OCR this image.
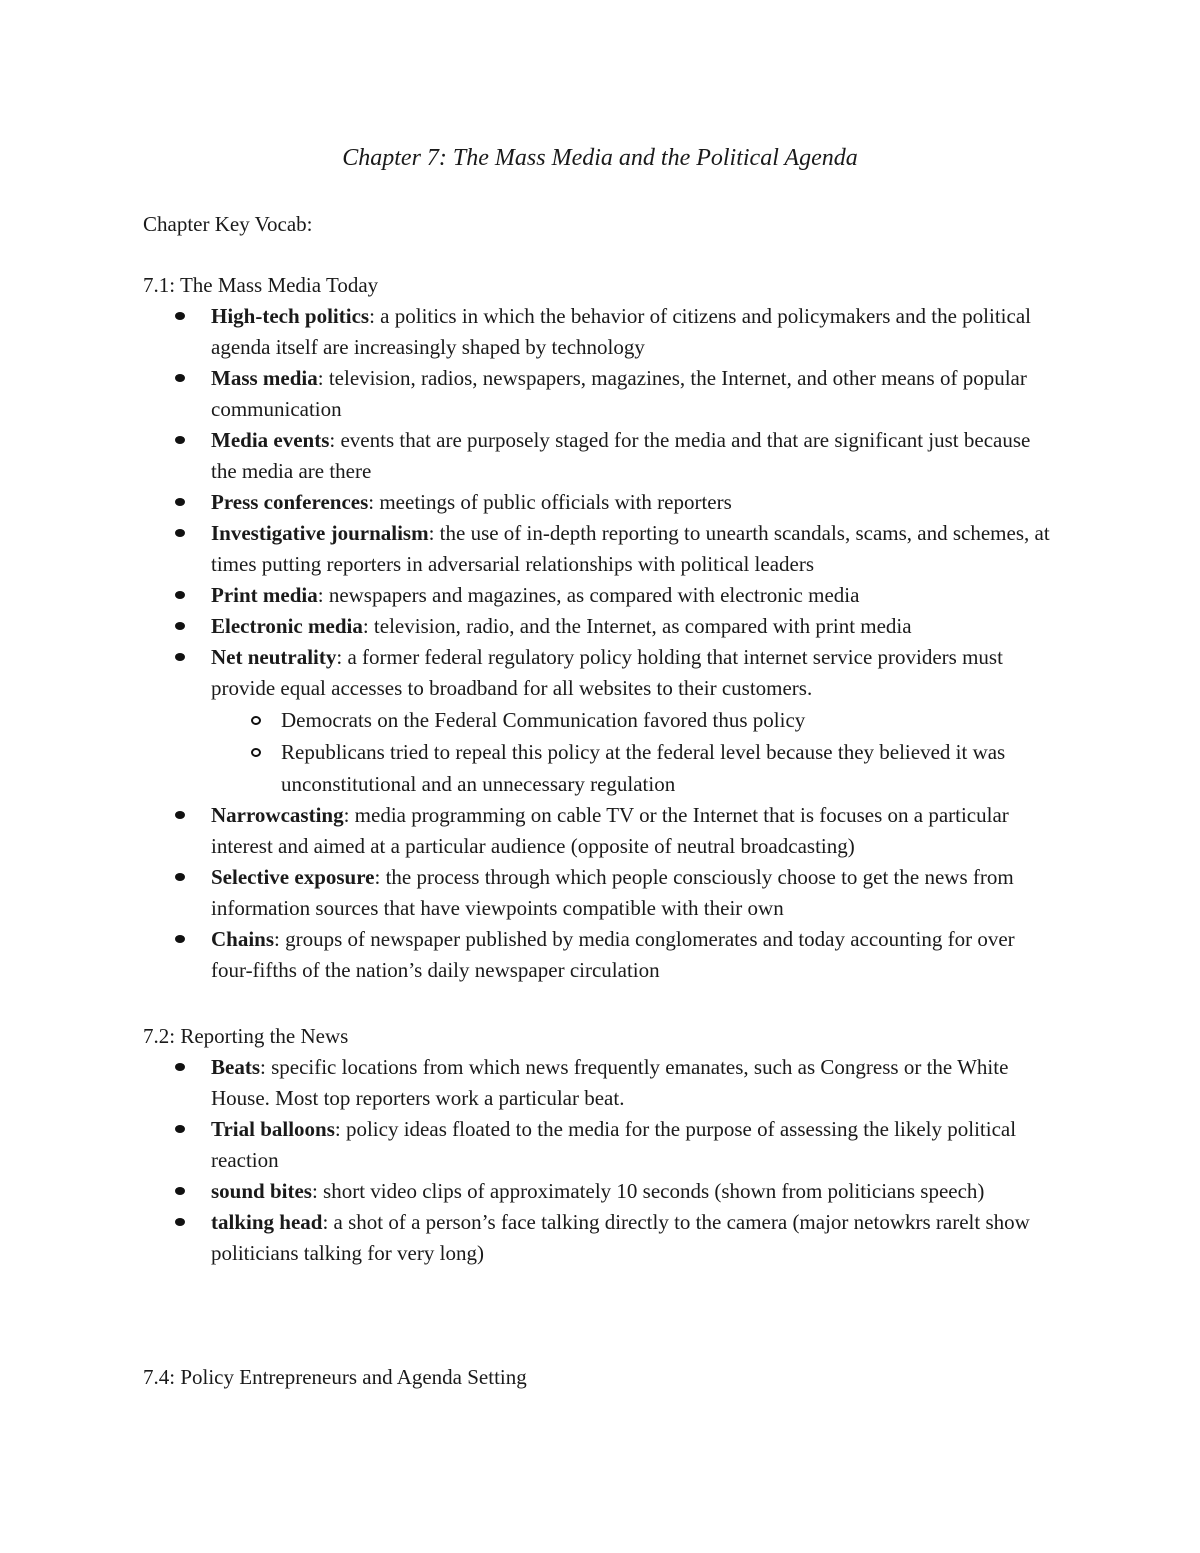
Chapter 7: The Mass Media and the Political Agenda

Chapter Key Vocab:

7.1: The Mass Media Today
High-tech politics: a politics in which the behavior of citizens and policymakers and the political agenda itself are increasingly shaped by technology
Mass media: television, radios, newspapers, magazines, the Internet, and other means of popular communication
Media events: events that are purposely staged for the media and that are significant just because the media are there
Press conferences: meetings of public officials with reporters
Investigative journalism: the use of in-depth reporting to unearth scandals, scams, and schemes, at times putting reporters in adversarial relationships with political leaders
Print media: newspapers and magazines, as compared with electronic media
Electronic media: television, radio, and the Internet, as compared with print media
Net neutrality: a former federal regulatory policy holding that internet service providers must provide equal accesses to broadband for all websites to their customers.
Democrats on the Federal Communication favored thus policy
Republicans tried to repeal this policy at the federal level because they believed it was unconstitutional and an unnecessary regulation
Narrowcasting: media programming on cable TV or the Internet that is focuses on a particular interest and aimed at a particular audience (opposite of neutral broadcasting)
Selective exposure: the process through which people consciously choose to get the news from information sources that have viewpoints compatible with their own
Chains: groups of newspaper published by media conglomerates and today accounting for over four-fifths of the nation’s daily newspaper circulation
7.2: Reporting the News
Beats: specific locations from which news frequently emanates, such as Congress or the White House. Most top reporters work a particular beat.
Trial balloons: policy ideas floated to the media for the purpose of assessing the likely political reaction
sound bites: short video clips of approximately 10 seconds (shown from politicians speech)
talking head: a shot of a person’s face talking directly to the camera (major netowkrs rarelt show politicians talking for very long)
7.4: Policy Entrepreneurs and Agenda Setting
